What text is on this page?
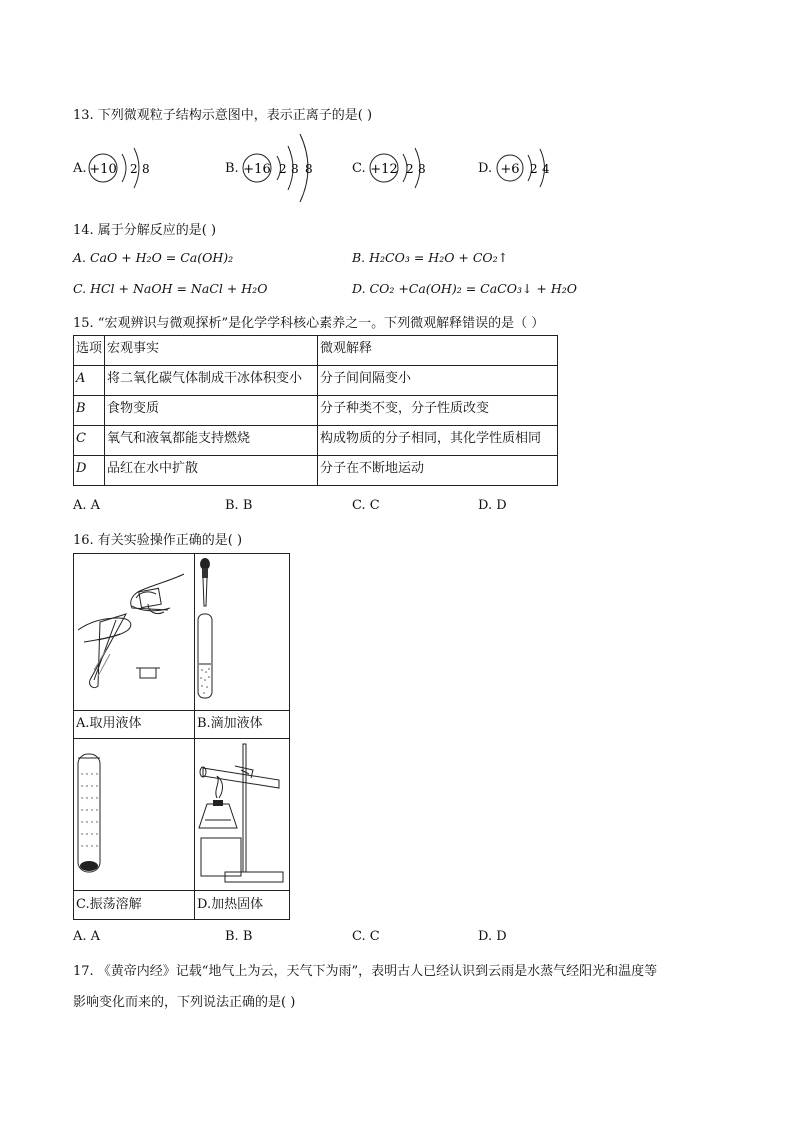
13. 下列微观粒子结构示意图中，表示正离子的是( )
A. +10 2 8	B. +16 2 8 8	C. +12 2 8	D. +6 2 4
14. 属于分解反应的是( )
A. CaO + H₂O = Ca(OH)₂	B. H₂CO₃ = H₂O + CO₂↑
C. HCl + NaOH = NaCl + H₂O	D. CO₂ +Ca(OH)₂ = CaCO₃↓ + H₂O
15. “宏观辨识与微观探析”是化学学科核心素养之一。下列微观解释错误的是（ ）
选项	宏观事实	微观解释
A	将二氧化碳气体制成干冰体积变小	分子间间隔变小
B	食物变质	分子种类不变，分子性质改变
C	氧气和液氧都能支持燃烧	构成物质的分子相同，其化学性质相同
D	品红在水中扩散	分子在不断地运动
A. A	B. B	C. C	D. D
16. 有关实验操作正确的是( )
A.取用液体	B.滴加液体
C.振荡溶解	D.加热固体
A. A	B. B	C. C	D. D
17. 《黄帝内经》记载“地气上为云，天气下为雨”，表明古人已经认识到云雨是水蒸气经阳光和温度等
影响变化而来的，下列说法正确的是( )
